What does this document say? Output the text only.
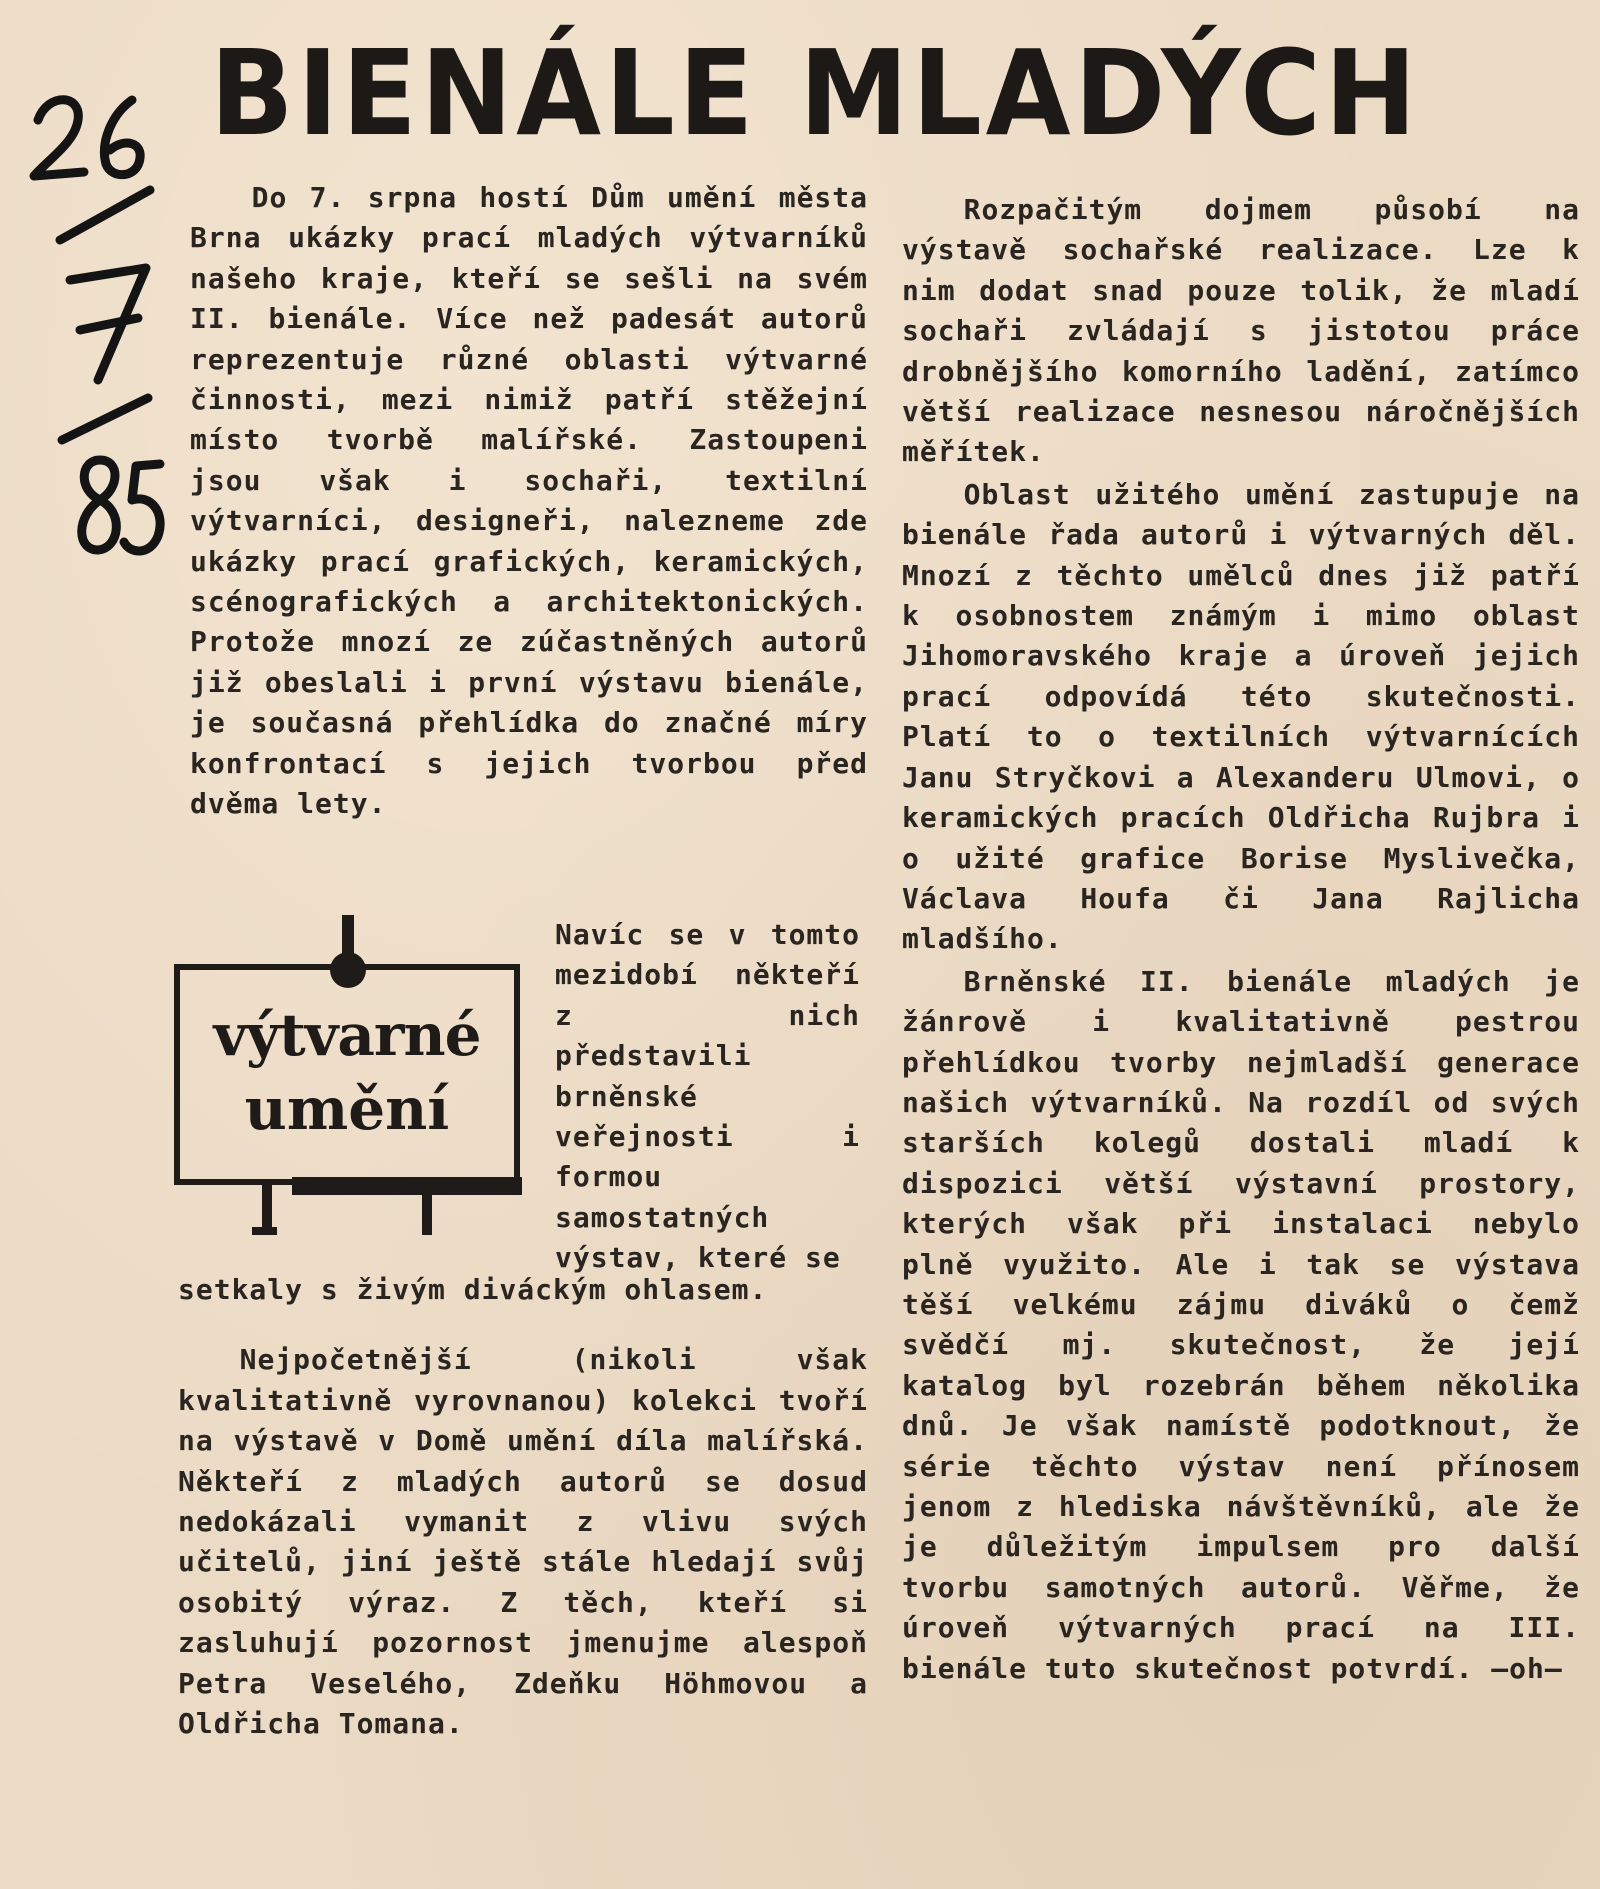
BIENÁLE MLADÝCH

Do 7. srpna hostí Dům umění města Brna ukázky prací mladých výtvarníků našeho kraje, kteří se sešli na svém II. bienále. Více než padesát autorů reprezentuje různé oblasti výtvarné činnosti, mezi nimiž patří stěžejní místo tvorbě malířské. Zastoupeni jsou však i sochaři, textilní výtvarníci, designeři, nalezneme zde ukázky prací grafických, keramických, scénografických a architektonických. Protože mnozí ze zúčastněných autorů již obeslali i první výstavu bienále, je současná přehlídka do značné míry konfrontací s jejich tvorbou před dvěma lety.

výtvarné
umění
Navíc se v tomto mezidobí někteří z nich představili brněnské veřejnosti i formou samostatných výstav, které se
setkaly s živým diváckým ohlasem.
Nejpočetnější (nikoli však kvalitativně vyrovnanou) kolekci tvoří na výstavě v Domě umění díla malířská. Někteří z mladých autorů se dosud nedokázali vymanit z vlivu svých učitelů, jiní ještě stále hledají svůj osobitý výraz. Z těch, kteří si zasluhují pozornost jmenujme alespoň Petra Veselého, Zdeňku Höhmovou a Oldřicha Tomana.

Rozpačitým dojmem působí na výstavě sochařské realizace. Lze k nim dodat snad pouze tolik, že mladí sochaři zvládají s jistotou práce drobnějšího komorního ladění, zatímco větší realizace nesnesou náročnějších měřítek.

Oblast užitého umění zastupuje na bienále řada autorů i výtvarných děl. Mnozí z těchto umělců dnes již patří k osobnostem známým i mimo oblast Jihomoravského kraje a úroveň jejich prací odpovídá této skutečnosti. Platí to o textilních výtvarnících Janu Stryčkovi a Alexanderu Ulmovi, o keramických pracích Oldřicha Rujbra i o užité grafice Borise Myslivečka, Václava Houfa či Jana Rajlicha mladšího.

Brněnské II. bienále mladých je žánrově i kvalitativně pestrou přehlídkou tvorby nejmladší generace našich výtvarníků. Na rozdíl od svých starších kolegů dostali mladí k dispozici větší výstavní prostory, kterých však při instalaci nebylo plně využito. Ale i tak se výstava těší velkému zájmu diváků o čemž svědčí mj. skutečnost, že její katalog byl rozebrán během několika dnů. Je však namístě podotknout, že série těchto výstav není přínosem jenom z hlediska návštěvníků, ale že je důležitým impulsem pro další tvorbu samotných autorů. Věřme, že úroveň výtvarných prací na III. bienále tuto skutečnost potvrdí. —oh—
